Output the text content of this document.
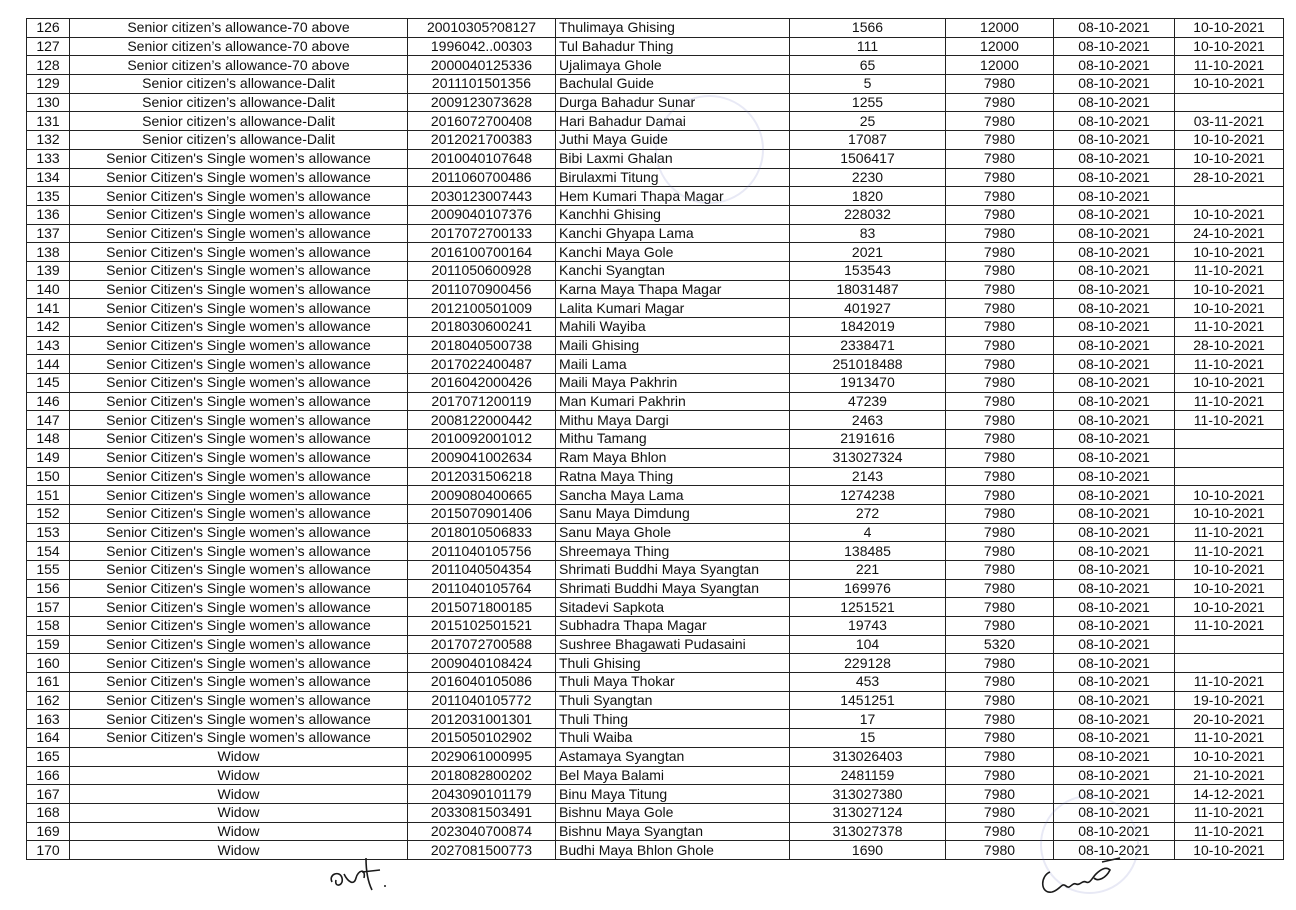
126	Senior citizen’s allowance-70 above	20010305?08127	Thulimaya Ghising	1566	12000	08-10-2021	10-10-2021
127	Senior citizen’s allowance-70 above	1996042..00303	Tul Bahadur Thing	111	12000	08-10-2021	10-10-2021
128	Senior citizen’s allowance-70 above	2000040125336	Ujalimaya Ghole	65	12000	08-10-2021	11-10-2021
129	Senior citizen’s allowance-Dalit	2011101501356	Bachulal Guide	5	7980	08-10-2021	10-10-2021
130	Senior citizen’s allowance-Dalit	2009123073628	Durga Bahadur Sunar	1255	7980	08-10-2021	
131	Senior citizen’s allowance-Dalit	2016072700408	Hari Bahadur Damai	25	7980	08-10-2021	03-11-2021
132	Senior citizen’s allowance-Dalit	2012021700383	Juthi Maya Guide	17087	7980	08-10-2021	10-10-2021
133	Senior Citizen's Single women’s allowance	2010040107648	Bibi Laxmi Ghalan	1506417	7980	08-10-2021	10-10-2021
134	Senior Citizen's Single women’s allowance	2011060700486	Birulaxmi Titung	2230	7980	08-10-2021	28-10-2021
135	Senior Citizen's Single women’s allowance	2030123007443	Hem Kumari Thapa Magar	1820	7980	08-10-2021	
136	Senior Citizen's Single women’s allowance	2009040107376	Kanchhi Ghising	228032	7980	08-10-2021	10-10-2021
137	Senior Citizen's Single women’s allowance	2017072700133	Kanchi Ghyapa Lama	83	7980	08-10-2021	24-10-2021
138	Senior Citizen's Single women’s allowance	2016100700164	Kanchi Maya Gole	2021	7980	08-10-2021	10-10-2021
139	Senior Citizen's Single women’s allowance	2011050600928	Kanchi Syangtan	153543	7980	08-10-2021	11-10-2021
140	Senior Citizen's Single women’s allowance	2011070900456	Karna Maya Thapa Magar	18031487	7980	08-10-2021	10-10-2021
141	Senior Citizen's Single women’s allowance	2012100501009	Lalita Kumari Magar	401927	7980	08-10-2021	10-10-2021
142	Senior Citizen's Single women’s allowance	2018030600241	Mahili Wayiba	1842019	7980	08-10-2021	11-10-2021
143	Senior Citizen's Single women’s allowance	2018040500738	Maili Ghising	2338471	7980	08-10-2021	28-10-2021
144	Senior Citizen's Single women’s allowance	2017022400487	Maili Lama	251018488	7980	08-10-2021	11-10-2021
145	Senior Citizen's Single women’s allowance	2016042000426	Maili Maya Pakhrin	1913470	7980	08-10-2021	10-10-2021
146	Senior Citizen's Single women’s allowance	2017071200119	Man Kumari Pakhrin	47239	7980	08-10-2021	11-10-2021
147	Senior Citizen's Single women’s allowance	2008122000442	Mithu Maya Dargi	2463	7980	08-10-2021	11-10-2021
148	Senior Citizen's Single women’s allowance	2010092001012	Mithu Tamang	2191616	7980	08-10-2021	
149	Senior Citizen's Single women’s allowance	2009041002634	Ram Maya Bhlon	313027324	7980	08-10-2021	
150	Senior Citizen's Single women’s allowance	2012031506218	Ratna Maya Thing	2143	7980	08-10-2021	
151	Senior Citizen's Single women’s allowance	2009080400665	Sancha Maya Lama	1274238	7980	08-10-2021	10-10-2021
152	Senior Citizen's Single women’s allowance	2015070901406	Sanu Maya Dimdung	272	7980	08-10-2021	10-10-2021
153	Senior Citizen's Single women’s allowance	2018010506833	Sanu Maya Ghole	4	7980	08-10-2021	11-10-2021
154	Senior Citizen's Single women’s allowance	2011040105756	Shreemaya Thing	138485	7980	08-10-2021	11-10-2021
155	Senior Citizen's Single women’s allowance	2011040504354	Shrimati Buddhi Maya Syangtan	221	7980	08-10-2021	10-10-2021
156	Senior Citizen's Single women’s allowance	2011040105764	Shrimati Buddhi Maya Syangtan	169976	7980	08-10-2021	10-10-2021
157	Senior Citizen's Single women’s allowance	2015071800185	Sitadevi Sapkota	1251521	7980	08-10-2021	10-10-2021
158	Senior Citizen's Single women’s allowance	2015102501521	Subhadra Thapa Magar	19743	7980	08-10-2021	11-10-2021
159	Senior Citizen's Single women’s allowance	2017072700588	Sushree Bhagawati Pudasaini	104	5320	08-10-2021	
160	Senior Citizen's Single women’s allowance	2009040108424	Thuli Ghising	229128	7980	08-10-2021	
161	Senior Citizen's Single women’s allowance	2016040105086	Thuli Maya Thokar	453	7980	08-10-2021	11-10-2021
162	Senior Citizen's Single women’s allowance	2011040105772	Thuli Syangtan	1451251	7980	08-10-2021	19-10-2021
163	Senior Citizen's Single women’s allowance	2012031001301	Thuli Thing	17	7980	08-10-2021	20-10-2021
164	Senior Citizen's Single women’s allowance	2015050102902	Thuli Waiba	15	7980	08-10-2021	11-10-2021
165	Widow	2029061000995	Astamaya Syangtan	313026403	7980	08-10-2021	10-10-2021
166	Widow	2018082800202	Bel Maya Balami	2481159	7980	08-10-2021	21-10-2021
167	Widow	2043090101179	Binu Maya Titung	313027380	7980	08-10-2021	14-12-2021
168	Widow	2033081503491	Bishnu Maya Gole	313027124	7980	08-10-2021	11-10-2021
169	Widow	2023040700874	Bishnu Maya Syangtan	313027378	7980	08-10-2021	11-10-2021
170	Widow	2027081500773	Budhi Maya Bhlon Ghole	1690	7980	08-10-2021	10-10-2021
